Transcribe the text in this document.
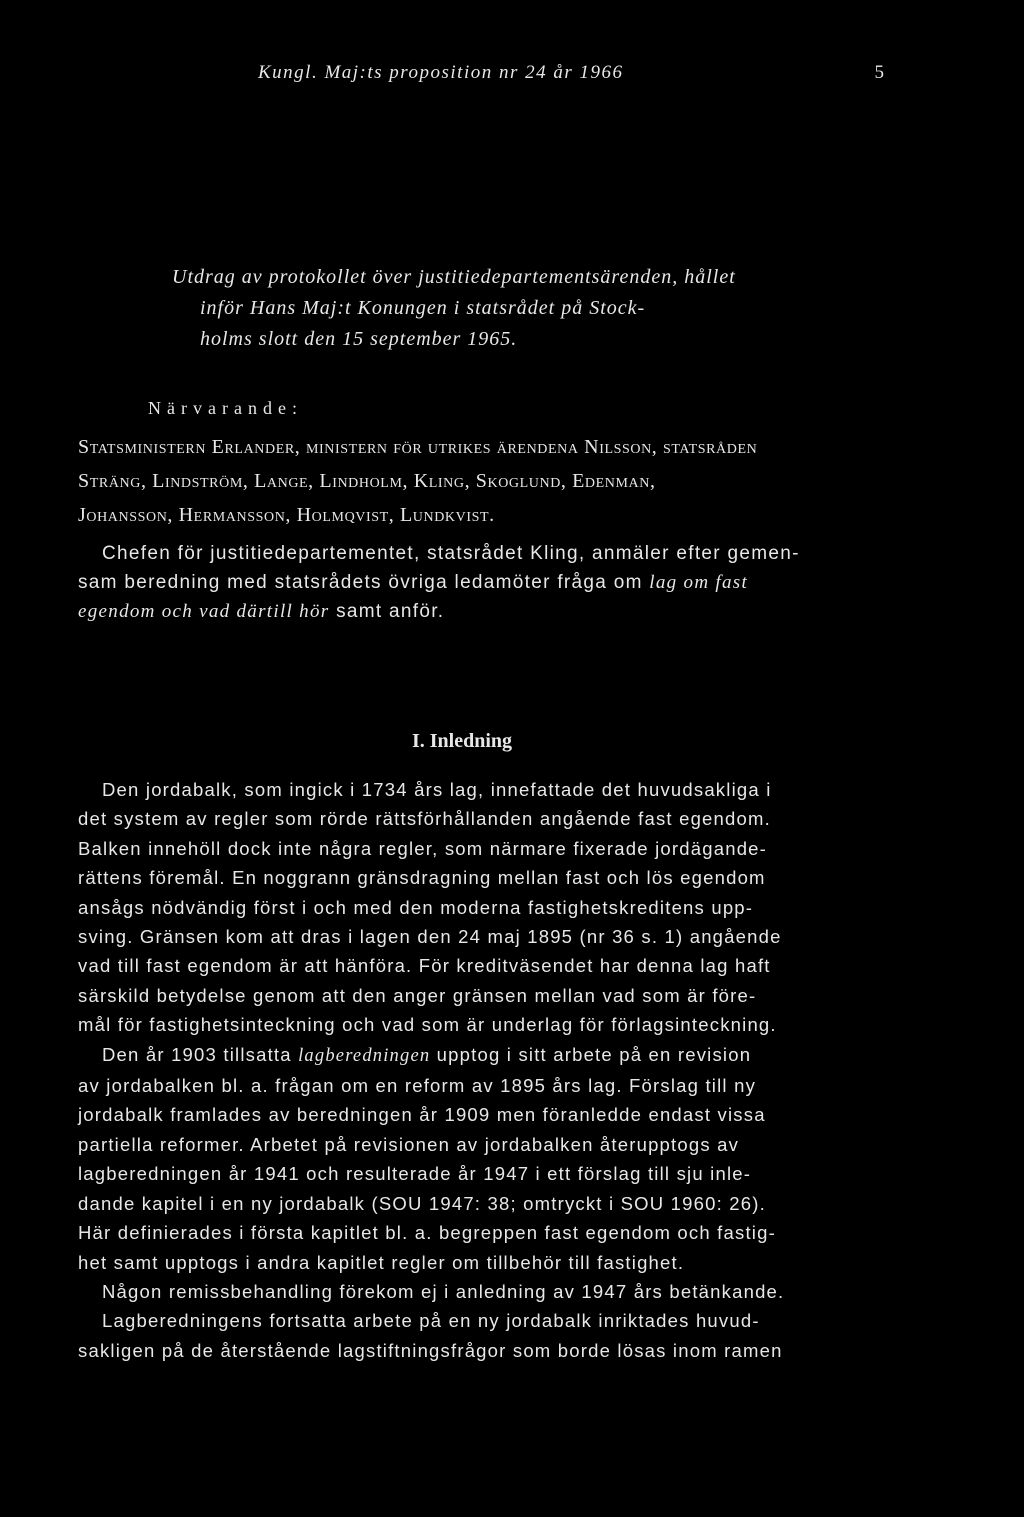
Kungl. Maj:ts proposition nr 24 år 1966	5
Utdrag av protokollet över justitiedepartementsärenden, hållet
inför Hans Maj:t Konungen i statsrådet på Stock-
holms slott den 15 september 1965.
Närvarande:
Statsministern Erlander, ministern för utrikes ärendena Nilsson, statsråden
Sträng, Lindström, Lange, Lindholm, Kling, Skoglund, Edenman,
Johansson, Hermansson, Holmqvist, Lundkvist.
Chefen för justitiedepartementet, statsrådet Kling, anmäler efter gemen-
sam beredning med statsrådets övriga ledamöter fråga om lag om fast
egendom och vad därtill hör samt anför.
I. Inledning
Den jordabalk, som ingick i 1734 års lag, innefattade det huvudsakliga i
det system av regler som rörde rättsförhållanden angående fast egendom.
Balken innehöll dock inte några regler, som närmare fixerade jordägande-
rättens föremål. En noggrann gränsdragning mellan fast och lös egendom
ansågs nödvändig först i och med den moderna fastighetskreditens upp-
sving. Gränsen kom att dras i lagen den 24 maj 1895 (nr 36 s. 1) angående
vad till fast egendom är att hänföra. För kreditväsendet har denna lag haft
särskild betydelse genom att den anger gränsen mellan vad som är före-
mål för fastighetsinteckning och vad som är underlag för förlagsinteckning.
Den år 1903 tillsatta lagberedningen upptog i sitt arbete på en revision
av jordabalken bl. a. frågan om en reform av 1895 års lag. Förslag till ny
jordabalk framlades av beredningen år 1909 men föranledde endast vissa
partiella reformer. Arbetet på revisionen av jordabalken återupptogs av
lagberedningen år 1941 och resulterade år 1947 i ett förslag till sju inle-
dande kapitel i en ny jordabalk (SOU 1947: 38; omtryckt i SOU 1960: 26).
Här definierades i första kapitlet bl. a. begreppen fast egendom och fastig-
het samt upptogs i andra kapitlet regler om tillbehör till fastighet.
Någon remissbehandling förekom ej i anledning av 1947 års betänkande.
Lagberedningens fortsatta arbete på en ny jordabalk inriktades huvud-
sakligen på de återstående lagstiftningsfrågor som borde lösas inom ramen
